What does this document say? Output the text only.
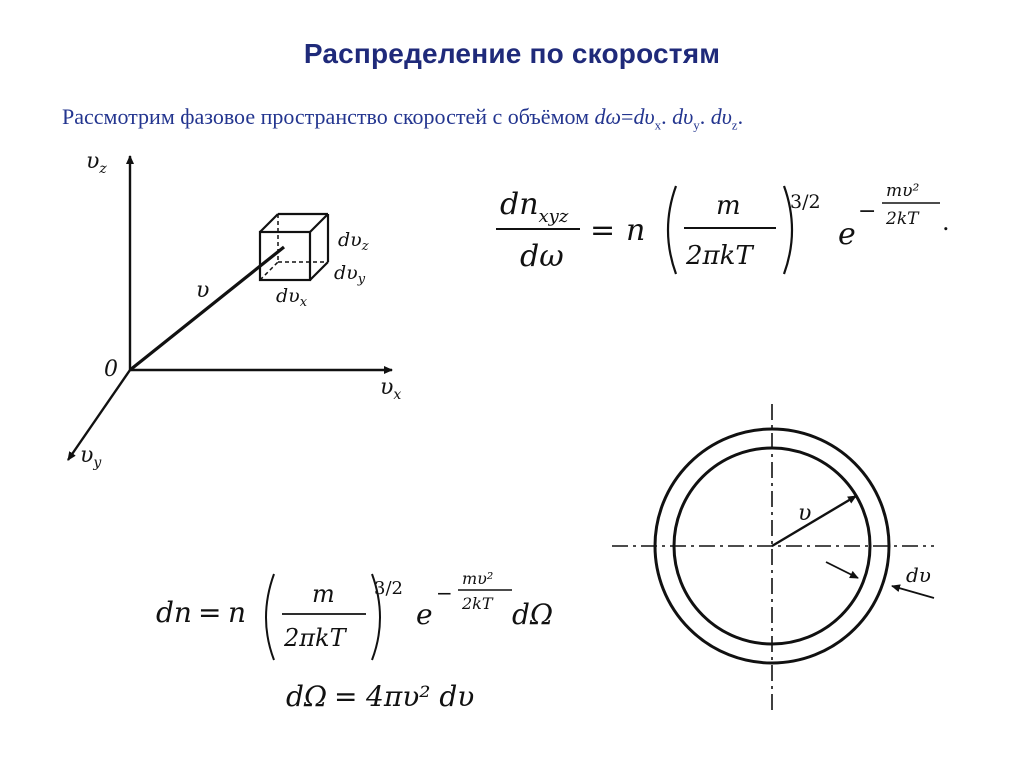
Распределение по скоростям
Рассмотрим фазовое пространство скоростей с объёмом $d\omega=d\upsilon_x$. $d\upsilon_y$. $d\upsilon_z$.
$\upsilon_z$
$\upsilon_x$
$\upsilon_y$
0
υ
$d\upsilon_z$
$d\upsilon_y$
$d\upsilon_x$
$dn_{xyz}$
dω
= n
m
2πkT
3/2
e
−
mυ²
2kT .
υ
dυ
dn = n
m
2πkT
3/2
e
−
mυ²
2kT dΩ
dΩ = 4πυ² dυ
